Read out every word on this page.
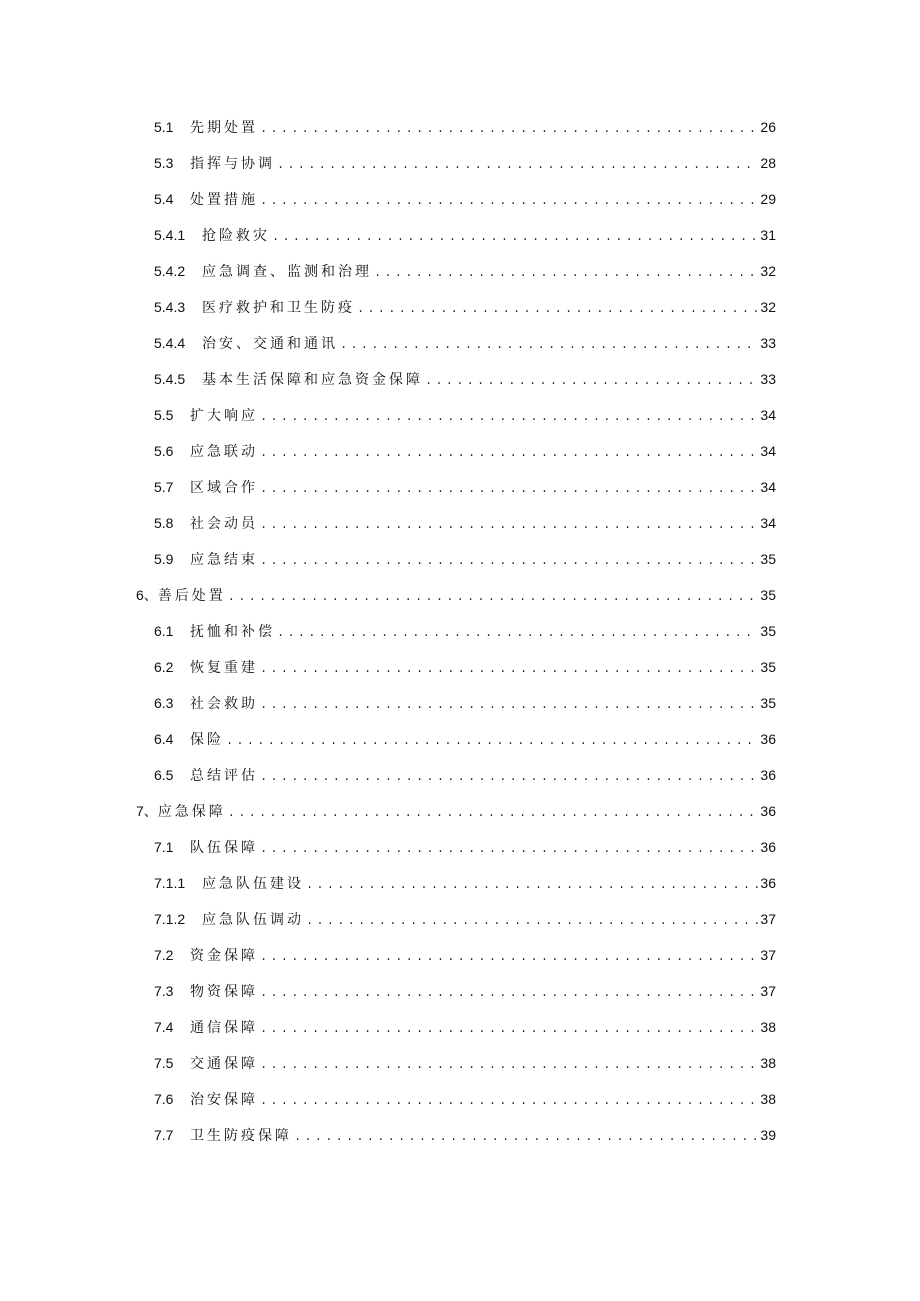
5.1	先期处置 .....	26
5.3	指挥与协调 .....	28
5.4	处置措施 .....	29
5.4.1	抢险救灾 .....	31
5.4.2	应急调查、监测和治理 .....	32
5.4.3	医疗救护和卫生防疫 .....	32
5.4.4	治安、交通和通讯 .....	33
5.4.5	基本生活保障和应急资金保障 .....	33
5.5	扩大响应 .....	34
5.6	应急联动 .....	34
5.7	区域合作 .....	34
5.8	社会动员 .....	34
5.9	应急结束 .....	35
6、 善后处置 .....	35
6.1	抚恤和补偿 .....	35
6.2	恢复重建 .....	35
6.3	社会救助 .....	35
6.4	保险 .....	36
6.5	总结评估 .....	36
7、 应急保障 .....	36
7.1	队伍保障 .....	36
7.1.1	应急队伍建设 .....	36
7.1.2	应急队伍调动 .....	37
7.2	资金保障 .....	37
7.3	物资保障 .....	37
7.4	通信保障 .....	38
7.5	交通保障 .....	38
7.6	治安保障 .....	38
7.7	卫生防疫保障 .....	39
